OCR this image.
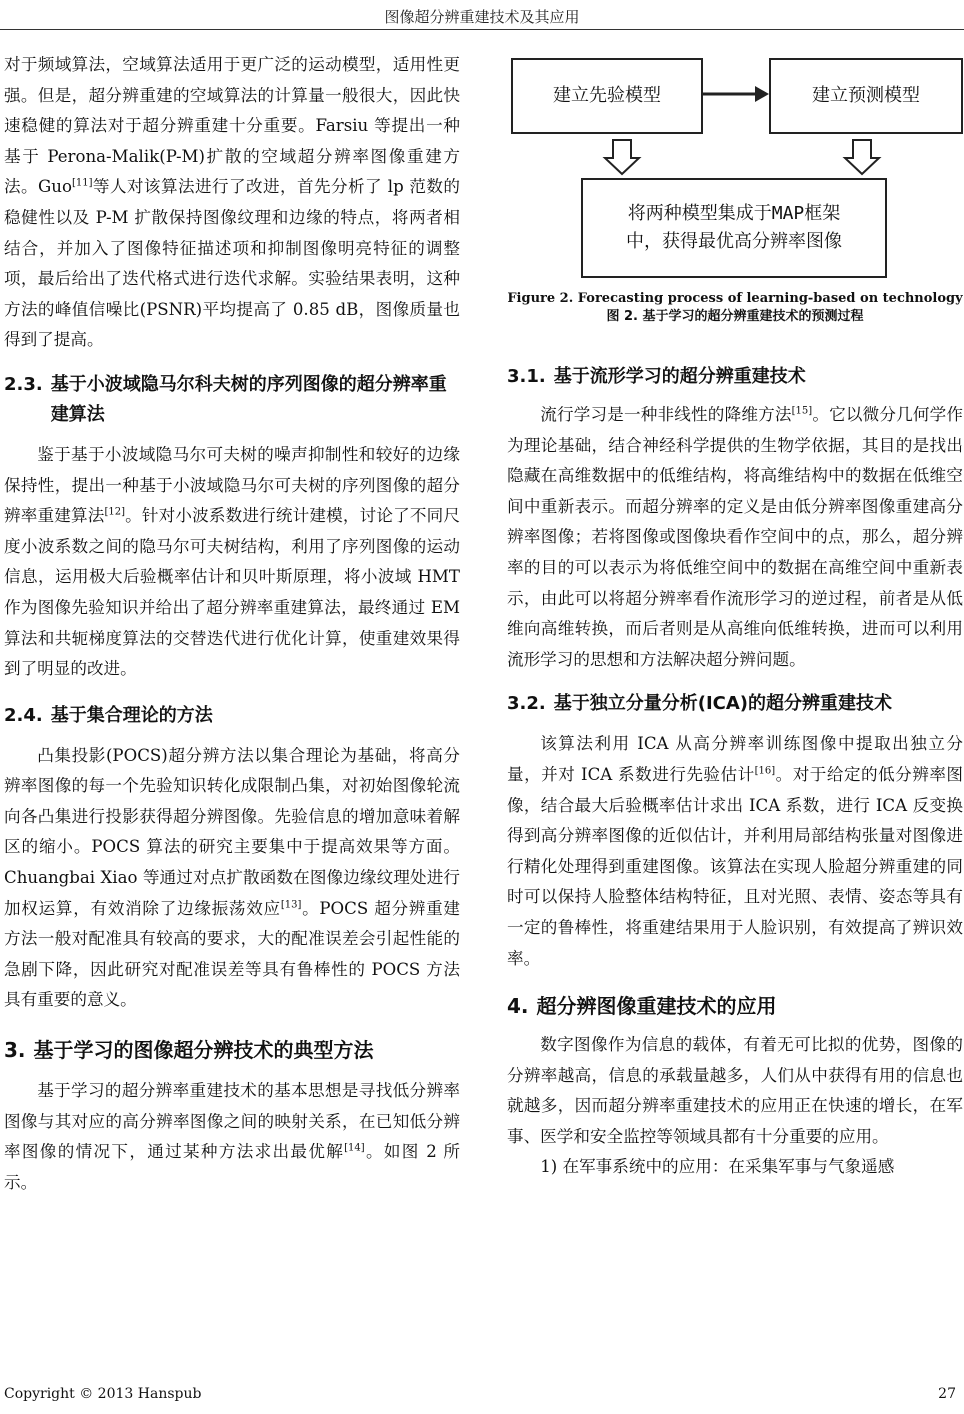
图像超分辨重建技术及其应用

对于频域算法，空域算法适用于更广泛的运动模型，适用性更强。但是，超分辨重建的空域算法的计算量一般很大，因此快速稳健的算法对于超分辨重建十分重要。Farsiu 等提出一种基于 Perona-Malik(P-M)扩散的空域超分辨率图像重建方法。Guo[11]等人对该算法进行了改进，首先分析了 lp 范数的稳健性以及 P-M 扩散保持图像纹理和边缘的特点，将两者相结合，并加入了图像特征描述项和抑制图像明亮特征的调整项，最后给出了迭代格式进行迭代求解。实验结果表明，这种方法的峰值信噪比(PSNR)平均提高了 0.85 dB，图像质量也得到了提高。

2.3. 基于小波域隐马尔科夫树的序列图像的超分辨率重建算法

鉴于基于小波域隐马尔可夫树的噪声抑制性和较好的边缘保持性，提出一种基于小波域隐马尔可夫树的序列图像的超分辨率重建算法[12]。针对小波系数进行统计建模，讨论了不同尺度小波系数之间的隐马尔可夫树结构，利用了序列图像的运动信息，运用极大后验概率估计和贝叶斯原理，将小波域 HMT 作为图像先验知识并给出了超分辨率重建算法，最终通过 EM 算法和共轭梯度算法的交替迭代进行优化计算，使重建效果得到了明显的改进。

2.4. 基于集合理论的方法

凸集投影(POCS)超分辨方法以集合理论为基础，将高分辨率图像的每一个先验知识转化成限制凸集，对初始图像轮流向各凸集进行投影获得超分辨图像。先验信息的增加意味着解区的缩小。POCS 算法的研究主要集中于提高效果等方面。Chuangbai Xiao 等通过对点扩散函数在图像边缘纹理处进行加权运算，有效消除了边缘振荡效应[13]。POCS 超分辨重建方法一般对配准具有较高的要求，大的配准误差会引起性能的急剧下降，因此研究对配准误差等具有鲁棒性的 POCS 方法具有重要的意义。

3. 基于学习的图像超分辨技术的典型方法

基于学习的超分辨率重建技术的基本思想是寻找低分辨率图像与其对应的高分辨率图像之间的映射关系，在已知低分辨率图像的情况下，通过某种方法求出最优解[14]。如图 2 所示。

建立先验模型	建立预测模型
将两种模型集成于MAP框架中，获得最优高分辨率图像
Figure 2. Forecasting process of learning-based on technology
图 2. 基于学习的超分辨重建技术的预测过程
3.1. 基于流形学习的超分辨重建技术

流行学习是一种非线性的降维方法[15]。它以微分几何学作为理论基础，结合神经科学提供的生物学依据，其目的是找出隐藏在高维数据中的低维结构，将高维结构中的数据在低维空间中重新表示。而超分辨率的定义是由低分辨率图像重建高分辨率图像；若将图像或图像块看作空间中的点，那么，超分辨率的目的可以表示为将低维空间中的数据在高维空间中重新表示，由此可以将超分辨率看作流形学习的逆过程，前者是从低维向高维转换，而后者则是从高维向低维转换，进而可以利用流形学习的思想和方法解决超分辨问题。

3.2. 基于独立分量分析(ICA)的超分辨重建技术

该算法利用 ICA 从高分辨率训练图像中提取出独立分量，并对 ICA 系数进行先验估计[16]。对于给定的低分辨率图像，结合最大后验概率估计求出 ICA 系数，进行 ICA 反变换得到高分辨率图像的近似估计，并利用局部结构张量对图像进行精化处理得到重建图像。该算法在实现人脸超分辨重建的同时可以保持人脸整体结构特征，且对光照、表情、姿态等具有一定的鲁棒性，将重建结果用于人脸识别，有效提高了辨识效率。

4. 超分辨图像重建技术的应用

数字图像作为信息的载体，有着无可比拟的优势，图像的分辨率越高，信息的承载量越多，人们从中获得有用的信息也就越多，因而超分辨率重建技术的应用正在快速的增长，在军事、医学和安全监控等领域具都有十分重要的应用。

1) 在军事系统中的应用：在采集军事与气象遥感

Copyright © 2013 Hanspub	27
